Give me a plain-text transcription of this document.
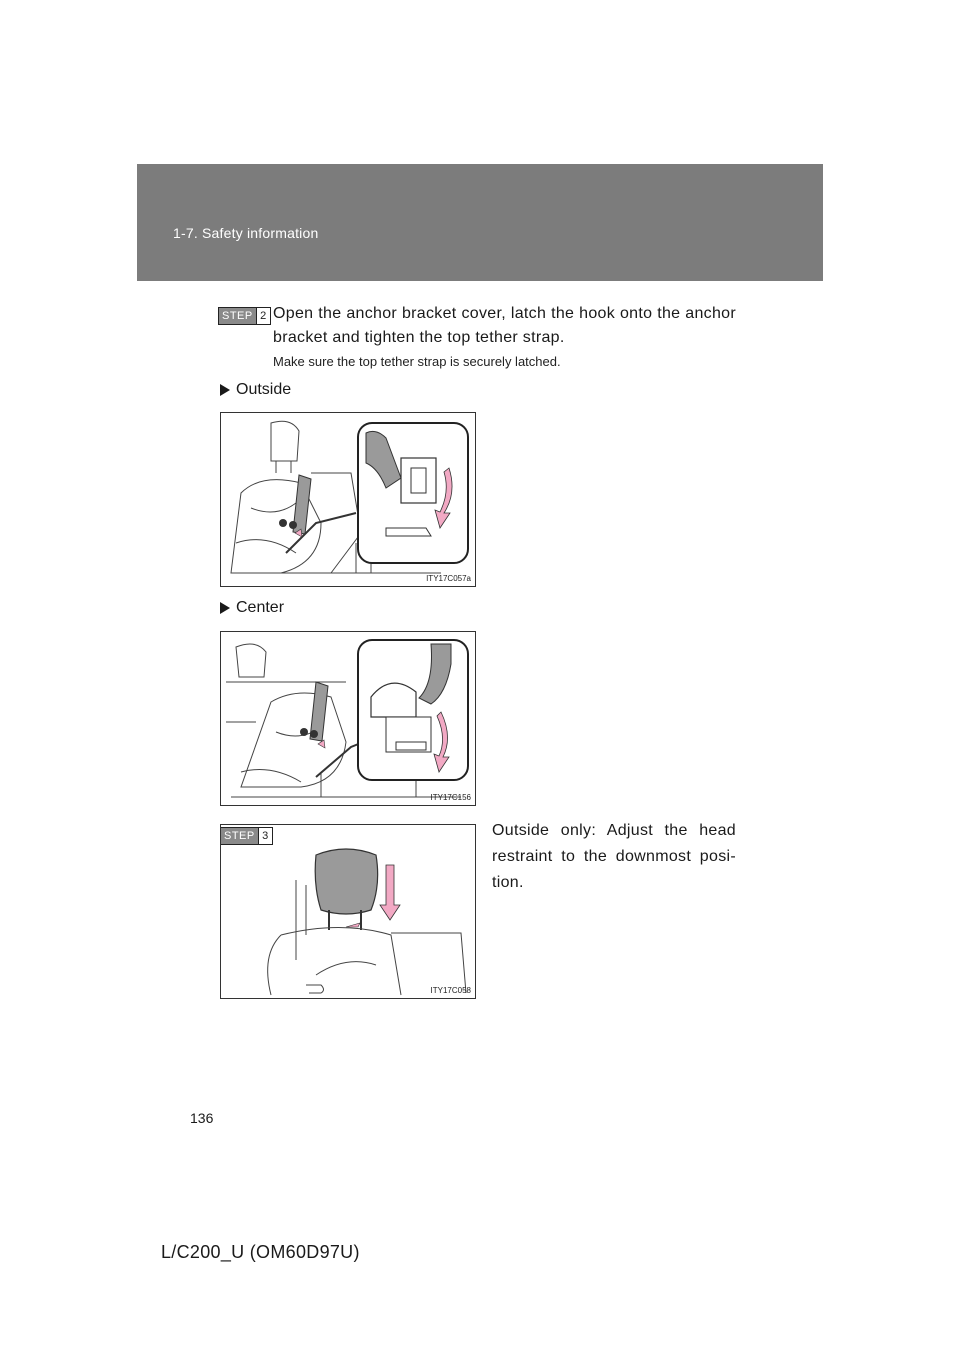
1-7. Safety information
STEP 2 Open the anchor bracket cover, latch the hook onto the anchor bracket and tighten the top tether strap.
Make sure the top tether strap is securely latched.
Outside
ITY17C057a
Center
ITY17C156
STEP 3
ITY17C058
Outside only: Adjust the head restraint to the downmost posi-tion.
136
L/C200_U (OM60D97U)
